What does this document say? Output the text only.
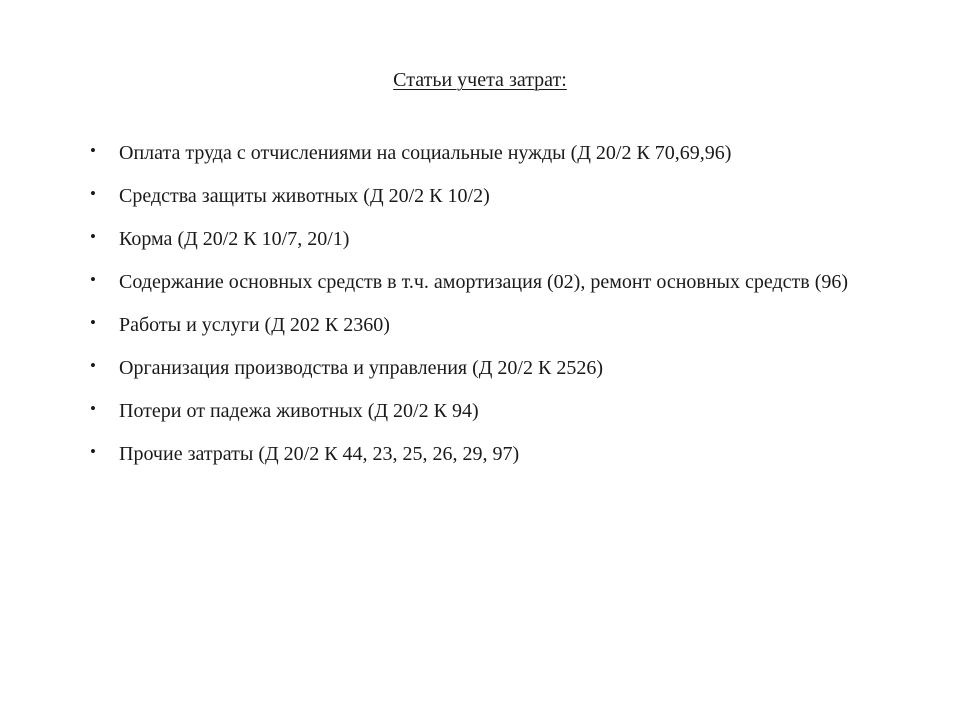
Статьи учета затрат:
• Оплата труда с отчислениями на социальные нужды (Д 20/2 К 70,69,96)
• Средства защиты животных (Д 20/2 К 10/2)
• Корма (Д 20/2 К 10/7, 20/1)
• Содержание основных средств в т.ч. амортизация (02), ремонт основных средств (96)
• Работы и услуги (Д 202 К 2360)
• Организация производства и управления (Д 20/2 К 2526)
• Потери от падежа животных (Д 20/2 К 94)
• Прочие затраты (Д 20/2 К 44, 23, 25, 26, 29, 97)
